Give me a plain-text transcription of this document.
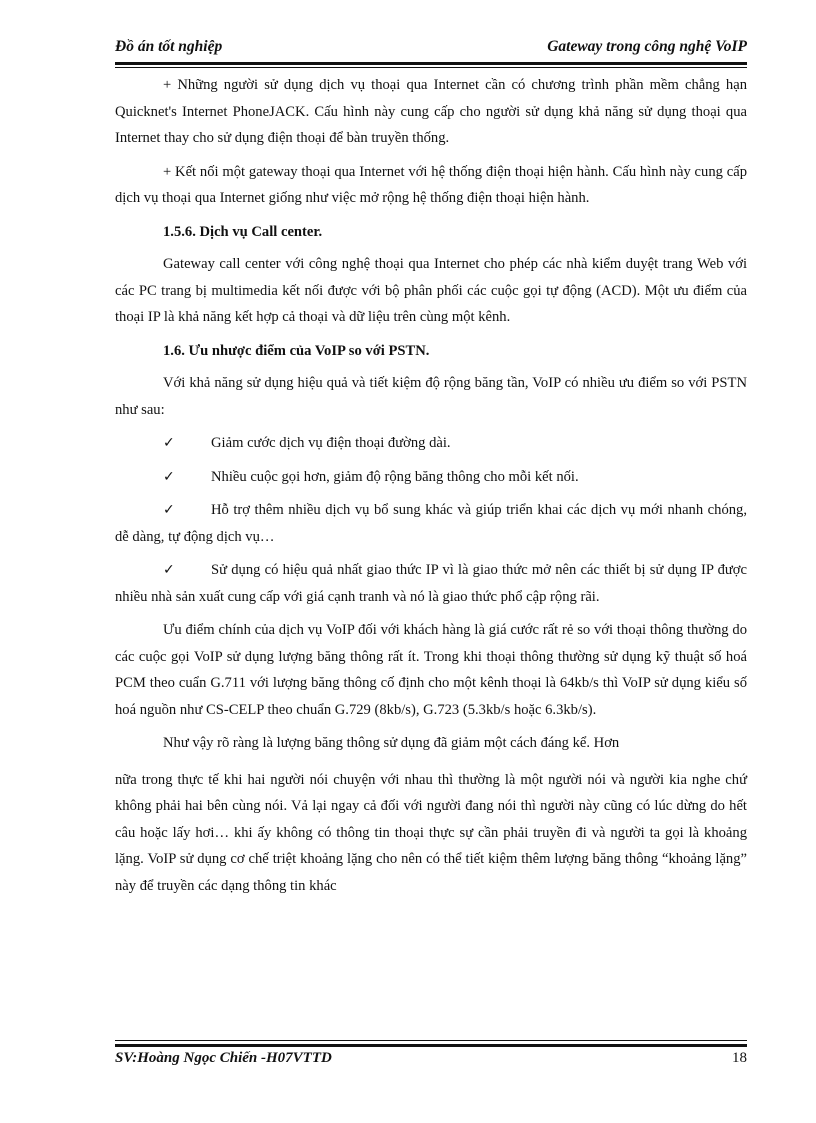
Đồ án tốt nghiệp	Gateway trong công nghệ VoIP

+ Những người sử dụng dịch vụ thoại qua Internet cần có chương trình phần mềm chẳng hạn Quicknet's Internet PhoneJACK. Cấu hình này cung cấp cho người sử dụng khả năng sử dụng thoại qua Internet thay cho sử dụng điện thoại để bàn truyền thống.

+ Kết nối một gateway thoại qua Internet với hệ thống điện thoại hiện hành. Cấu hình này cung cấp dịch vụ thoại qua Internet giống như việc mở rộng hệ thống điện thoại hiện hành.

1.5.6. Dịch vụ Call center.

Gateway call center với công nghệ thoại qua Internet cho phép các nhà kiểm duyệt trang Web với các PC trang bị multimedia kết nối được với bộ phân phối các cuộc gọi tự động (ACD). Một ưu điểm của thoại IP là khả năng kết hợp cả thoại và dữ liệu trên cùng một kênh.

1.6. Ưu nhược điểm của VoIP so với PSTN.

Với khả năng sử dụng hiệu quả và tiết kiệm độ rộng băng tần, VoIP có nhiều ưu điểm so với PSTN như sau:

✓ Giảm cước dịch vụ điện thoại đường dài.
✓ Nhiều cuộc gọi hơn, giảm độ rộng băng thông cho mỗi kết nối.
✓ Hỗ trợ thêm nhiều dịch vụ bổ sung khác và giúp triển khai các dịch vụ mới nhanh chóng, dễ dàng, tự động dịch vụ…
✓ Sử dụng có hiệu quả nhất giao thức IP vì là giao thức mở nên các thiết bị sử dụng IP được nhiều nhà sản xuất cung cấp với giá cạnh tranh và nó là giao thức phổ cập rộng rãi.

Ưu điểm chính của dịch vụ VoIP đối với khách hàng là giá cước rất rẻ so với thoại thông thường do các cuộc gọi VoIP sử dụng lượng băng thông rất ít. Trong khi thoại thông thường sử dụng kỹ thuật số hoá PCM theo cuẩn G.711 với lượng băng thông cố định cho một kênh thoại là 64kb/s thì VoIP sử dụng kiểu số hoá nguồn như CS-CELP theo chuẩn G.729 (8kb/s), G.723 (5.3kb/s hoặc 6.3kb/s).

Như vậy rõ ràng là lượng băng thông sử dụng đã giảm một cách đáng kể. Hơn

nữa trong thực tế khi hai người nói chuyện với nhau thì thường là một người nói và người kia nghe chứ không phải hai bên cùng nói. Vả lại ngay cả đối với người đang nói thì người này cũng có lúc dừng do hết câu hoặc lấy hơi… khi ấy không có thông tin thoại thực sự cần phải truyền đi và người ta gọi là khoảng lặng. VoIP sử dụng cơ chế triệt khoảng lặng cho nên có thể tiết kiệm thêm lượng băng thông “khoảng lặng” này để truyền các dạng thông tin khác

SV:Hoàng Ngọc Chiến -H07VTTD	18
